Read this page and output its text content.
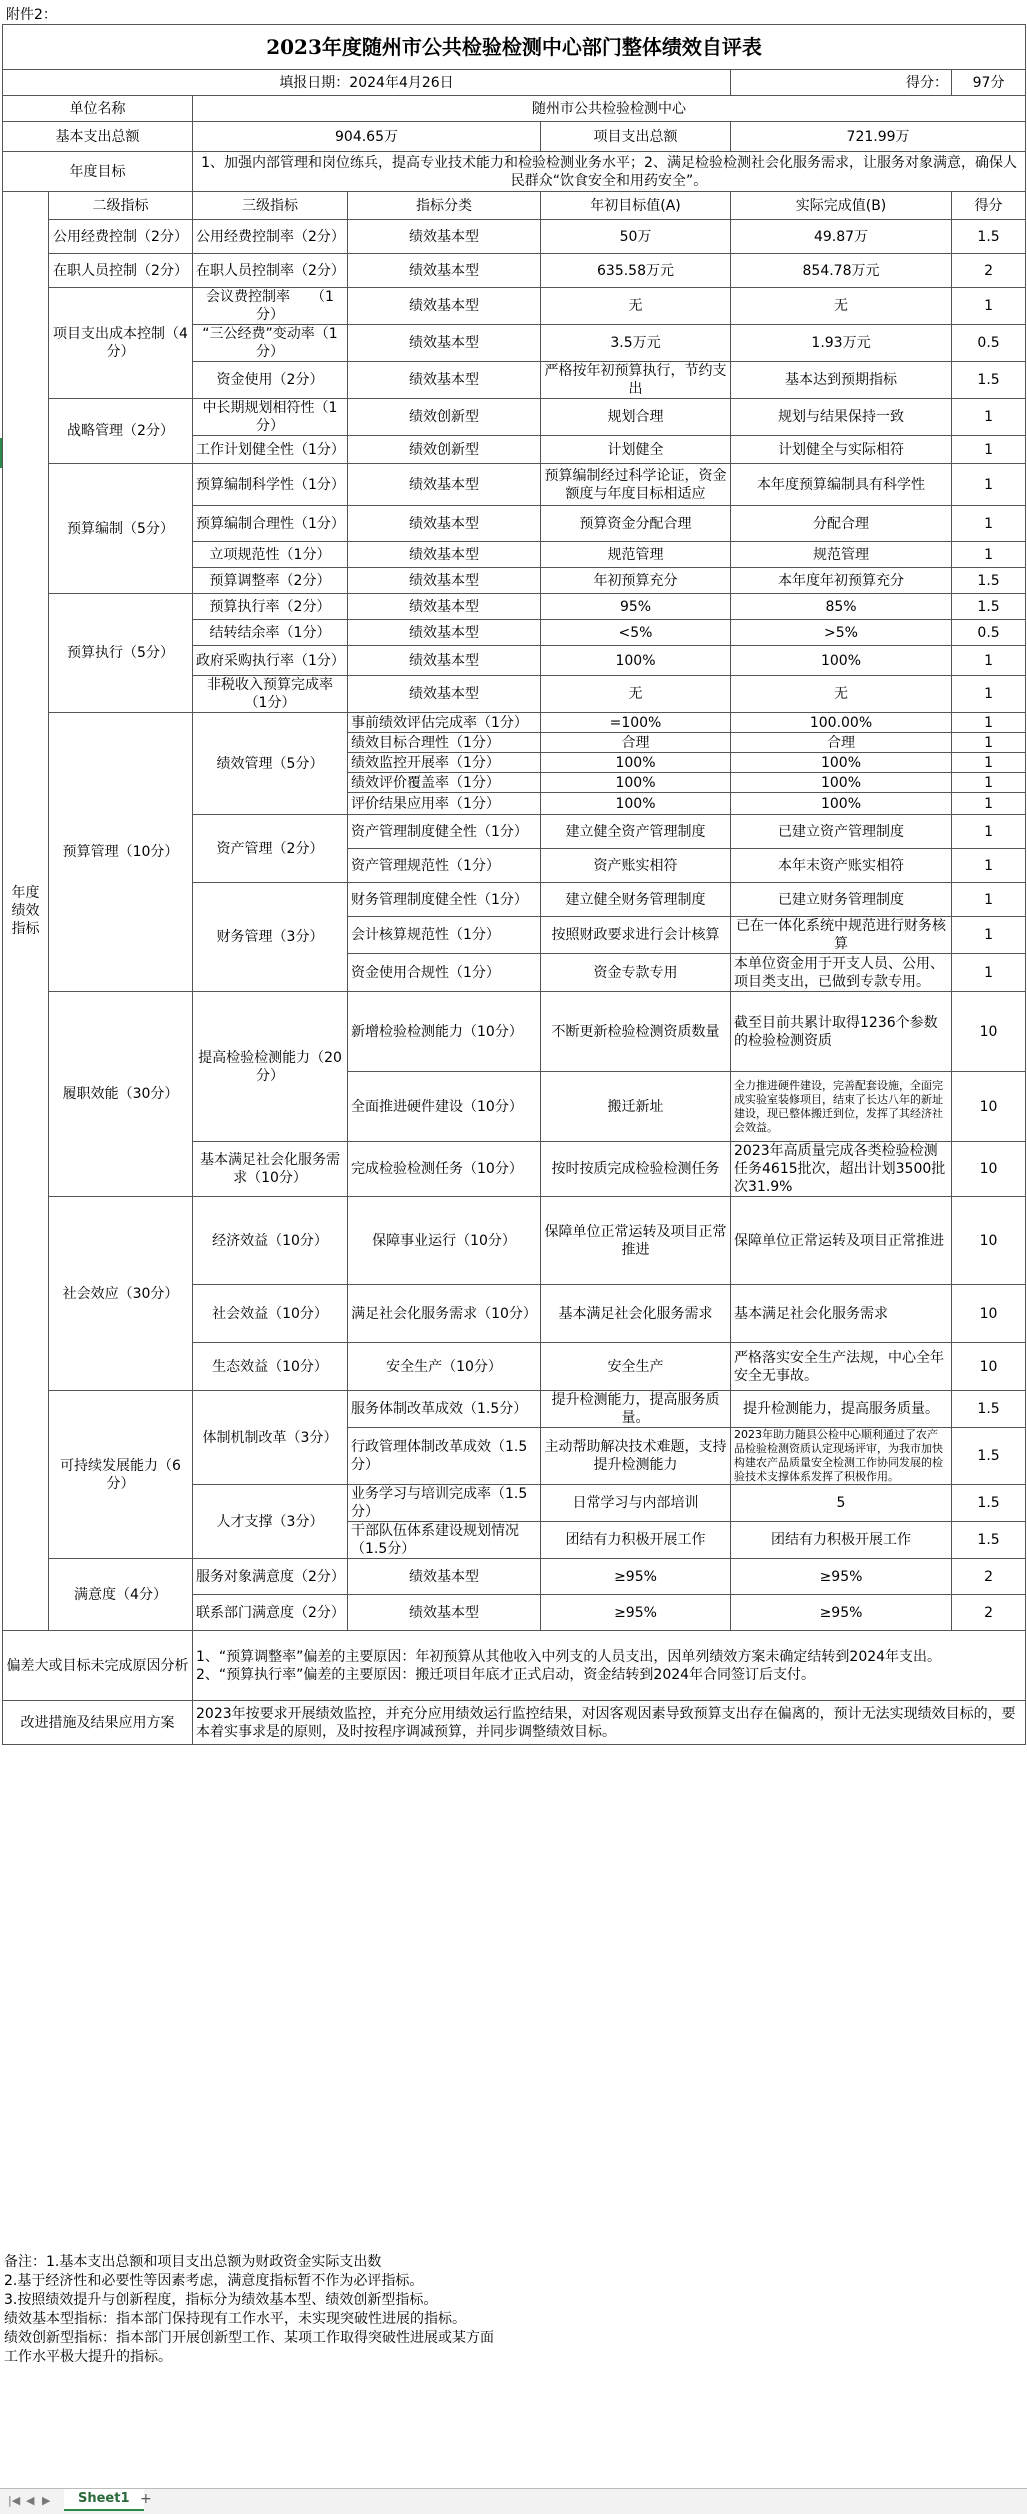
附件2：
2023年度随州市公共检验检测中心部门整体绩效自评表						
填报日期：2024年4月26日					得分：	97分
单位名称		随州市公共检验检测中心				
基本支出总额		904.65万		项目支出总额	721.99万	
年度目标		1、加强内部管理和岗位练兵，提高专业技术能力和检验检测业务水平；2、满足检验检测社会化服务需求，让服务对象满意，确保人民群众“饮食安全和用药安全”。				
年度绩效指标	二级指标	三级指标	指标分类	年初目标值(A)	实际完成值(B)	得分
	公用经费控制（2分）	公用经费控制率（2分）	绩效基本型	50万	49.87万	1.5
	在职人员控制（2分）	在职人员控制率（2分）	绩效基本型	635.58万元	854.78万元	2
	项目支出成本控制（4分）	会议费控制率　　（1分）	绩效基本型	无	无	1
		“三公经费”变动率（1分）	绩效基本型	3.5万元	1.93万元	0.5
		资金使用（2分）	绩效基本型	严格按年初预算执行，节约支出	基本达到预期指标	1.5
	战略管理（2分）	中长期规划相符性（1分）	绩效创新型	规划合理	规划与结果保持一致	1
		工作计划健全性（1分）	绩效创新型	计划健全	计划健全与实际相符	1
	预算编制（5分）	预算编制科学性（1分）	绩效基本型	预算编制经过科学论证，资金额度与年度目标相适应	本年度预算编制具有科学性	1
		预算编制合理性（1分）	绩效基本型	预算资金分配合理	分配合理	1
		立项规范性（1分）	绩效基本型	规范管理	规范管理	1
		预算调整率（2分）	绩效基本型	年初预算充分	本年度年初预算充分	1.5
	预算执行（5分）	预算执行率（2分）	绩效基本型	95%	85%	1.5
		结转结余率（1分）	绩效基本型	<5%	>5%	0.5
		政府采购执行率（1分）	绩效基本型	100%	100%	1
		非税收入预算完成率（1分）	绩效基本型	无	无	1
	预算管理（10分）	绩效管理（5分）	事前绩效评估完成率（1分）	=100%	100.00%	1
			绩效目标合理性（1分）	合理	合理	1
			绩效监控开展率（1分）	100%	100%	1
			绩效评价覆盖率（1分）	100%	100%	1
			评价结果应用率（1分）	100%	100%	1
		资产管理（2分）	资产管理制度健全性（1分）	建立健全资产管理制度	已建立资产管理制度	1
			资产管理规范性（1分）	资产账实相符	本年末资产账实相符	1
		财务管理（3分）	财务管理制度健全性（1分）	建立健全财务管理制度	已建立财务管理制度	1
			会计核算规范性（1分）	按照财政要求进行会计核算	已在一体化系统中规范进行财务核算	1
			资金使用合规性（1分）	资金专款专用	本单位资金用于开支人员、公用、项目类支出，已做到专款专用。	1
	履职效能（30分）	提高检验检测能力（20分）	新增检验检测能力（10分）	不断更新检验检测资质数量	截至目前共累计取得1236个参数的检验检测资质	10
			全面推进硬件建设（10分）	搬迁新址	全力推进硬件建设，完善配套设施，全面完成实验室装修项目，结束了长达八年的新址建设，现已整体搬迁到位，发挥了其经济社会效益。	10
		基本满足社会化服务需求（10分）	完成检验检测任务（10分）	按时按质完成检验检测任务	2023年高质量完成各类检验检测任务4615批次，超出计划3500批次31.9%	10
	社会效应（30分）	经济效益（10分）	保障事业运行（10分）	保障单位正常运转及项目正常推进	保障单位正常运转及项目正常推进	10
		社会效益（10分）	满足社会化服务需求（10分）	基本满足社会化服务需求	基本满足社会化服务需求	10
		生态效益（10分）	安全生产（10分）	安全生产	严格落实安全生产法规，中心全年安全无事故。	10
	可持续发展能力（6分）	体制机制改革（3分）	服务体制改革成效（1.5分）	提升检测能力，提高服务质量。	提升检测能力，提高服务质量。	1.5
			行政管理体制改革成效（1.5分）	主动帮助解决技术难题，支持提升检测能力	2023年助力随县公检中心顺利通过了农产品检验检测资质认定现场评审，为我市加快构建农产品质量安全检测工作协同发展的检验技术支撑体系发挥了积极作用。	1.5
		人才支撑（3分）	业务学习与培训完成率（1.5分）	日常学习与内部培训	5	1.5
			干部队伍体系建设规划情况（1.5分）	团结有力积极开展工作	团结有力积极开展工作	1.5
	满意度（4分）	服务对象满意度（2分）	绩效基本型	≥95%	≥95%	2
		联系部门满意度（2分）	绩效基本型	≥95%	≥95%	2
偏差大或目标未完成原因分析		1、“预算调整率”偏差的主要原因：年初预算从其他收入中列支的人员支出，因单列绩效方案未确定结转到2024年支出。　　　　2、“预算执行率”偏差的主要原因：搬迁项目年底才正式启动，资金结转到2024年合同签订后支付。				
改进措施及结果应用方案		2023年按要求开展绩效监控，并充分应用绩效运行监控结果，对因客观因素导致预算支出存在偏离的，预计无法实现绩效目标的，要本着实事求是的原则，及时按程序调减预算，并同步调整绩效目标。				
备注：1.基本支出总额和项目支出总额为财政资金实际支出数
2.基于经济性和必要性等因素考虑，满意度指标暂不作为必评指标。
3.按照绩效提升与创新程度，指标分为绩效基本型、绩效创新型指标。
绩效基本型指标：指本部门保持现有工作水平，未实现突破性进展的指标。
绩效创新型指标：指本部门开展创新型工作、某项工作取得突破性进展或某方面
工作水平极大提升的指标。
|◀ ◀ ▶	Sheet1 +
